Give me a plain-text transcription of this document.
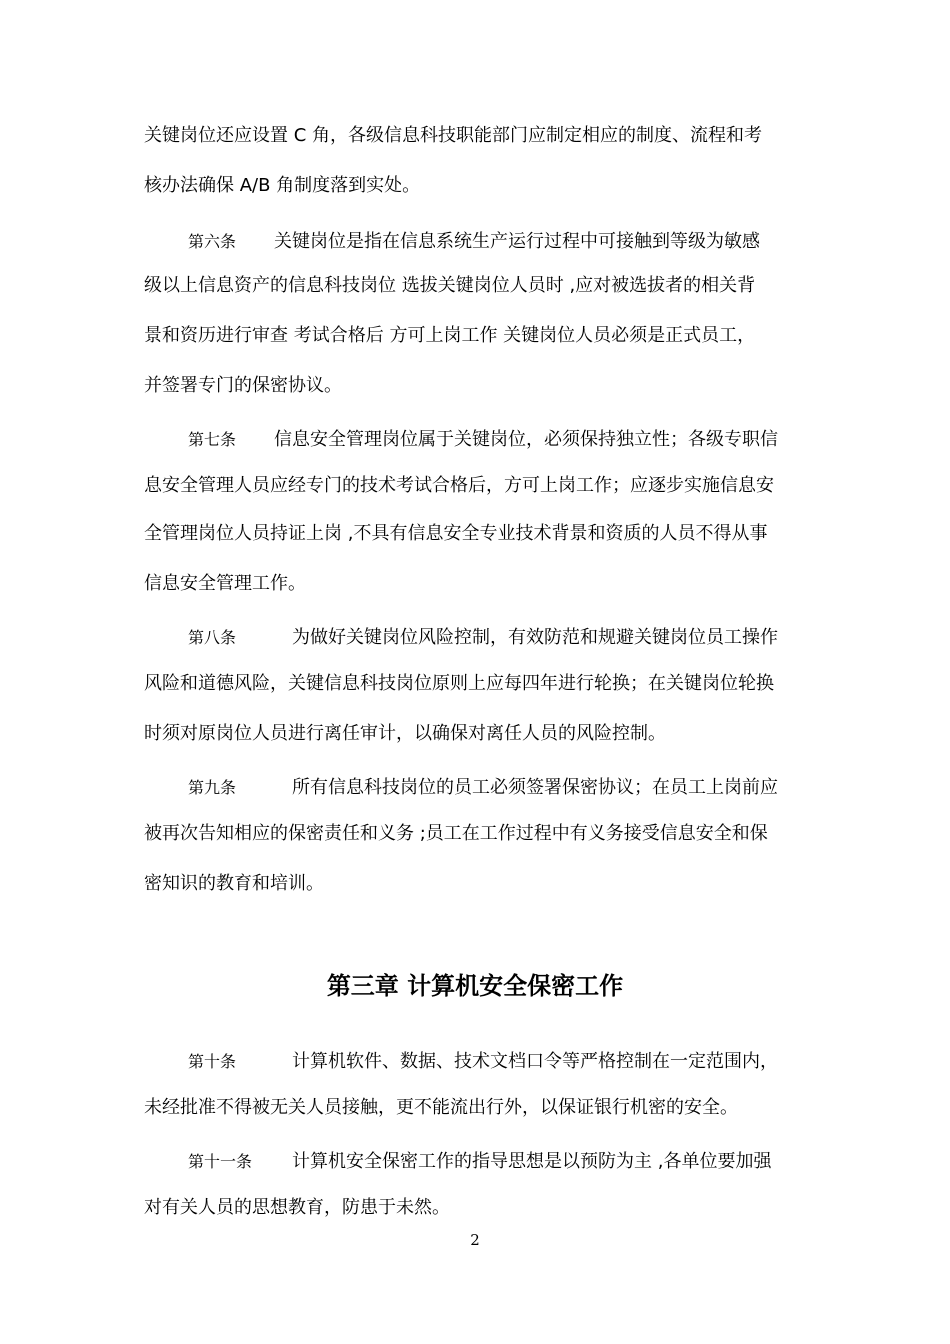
关键岗位还应设置 C 角，各级信息科技职能部门应制定相应的制度、流程和考
核办法确保 A/B 角制度落到实处。
第六条 关键岗位是指在信息系统生产运行过程中可接触到等级为敏感
级以上信息资产的信息科技岗位 选拔关键岗位人员时 ,应对被选拔者的相关背
景和资历进行审查 考试合格后 方可上岗工作 关键岗位人员必须是正式员工，
并签署专门的保密协议。
第七条 信息安全管理岗位属于关键岗位，必须保持独立性；各级专职信
息安全管理人员应经专门的技术考试合格后，方可上岗工作；应逐步实施信息安
全管理岗位人员持证上岗 ,不具有信息安全专业技术背景和资质的人员不得从事
信息安全管理工作。
第八条	为做好关键岗位风险控制，有效防范和规避关键岗位员工操作
风险和道德风险，关键信息科技岗位原则上应每四年进行轮换；在关键岗位轮换
时须对原岗位人员进行离任审计，以确保对离任人员的风险控制。
第九条	所有信息科技岗位的员工必须签署保密协议；在员工上岗前应
被再次告知相应的保密责任和义务 ;员工在工作过程中有义务接受信息安全和保
密知识的教育和培训。
第三章 计算机安全保密工作
第十条	计算机软件、数据、技术文档口令等严格控制在一定范围内，
未经批准不得被无关人员接触，更不能流出行外，以保证银行机密的安全。
第十一条 计算机安全保密工作的指导思想是以预防为主 ,各单位要加强
对有关人员的思想教育，防患于未然。
2
